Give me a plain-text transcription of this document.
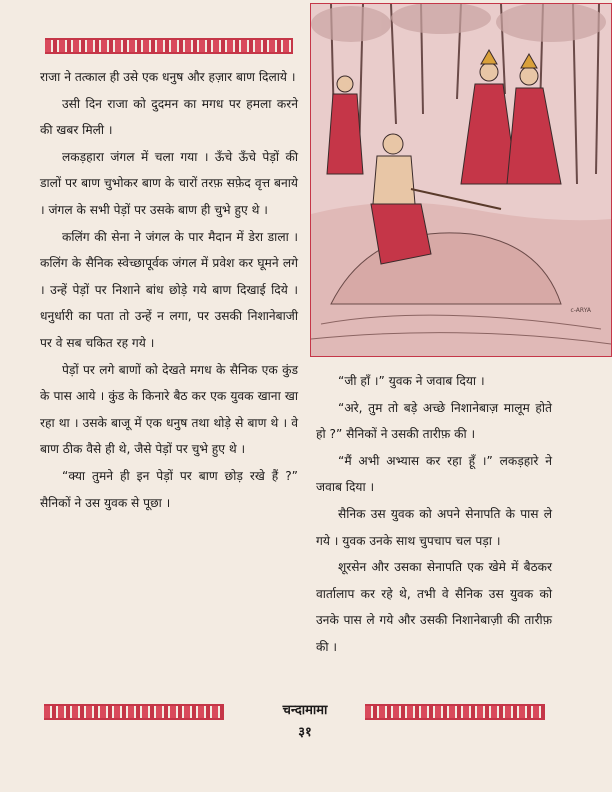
राजा ने तत्काल ही उसे एक धनुष और हज़ार बाण दिलाये ।

उसी दिन राजा को दुदमन का मगध पर हमला करने की खबर मिली ।

लकड़हारा जंगल में चला गया । ऊँचे ऊँचे पेड़ों की डालों पर बाण चुभोकर बाण के चारों तरफ़ सफ़ेद वृत्त बनाये । जंगल के सभी पेड़ों पर उसके बाण ही चुभे हुए थे ।

कलिंग की सेना ने जंगल के पार मैदान में डेरा डाला । कलिंग के सैनिक स्वेच्छापूर्वक जंगल में प्रवेश कर घूमने लगे । उन्हें पेड़ों पर निशाने बांध छोड़े गये बाण दिखाई दिये । धनुर्धारी का पता तो उन्हें न लगा, पर उसकी निशानेबाजी पर वे सब चकित रह गये ।

पेड़ों पर लगे बाणों को देखते मगध के सैनिक एक कुंड के पास आये । कुंड के किनारे बैठ कर एक युवक खाना खा रहा था । उसके बाजू में एक धनुष तथा थोड़े से बाण थे । वे बाण ठीक वैसे ही थे, जैसे पेड़ों पर चुभे हुए थे ।

“क्या तुमने ही इन पेड़ों पर बाण छोड़ रखे हैं ?” सैनिकों ने उस युवक से पूछा ।

c-ARYA

“जी हाँ ।” युवक ने जवाब दिया ।

“अरे, तुम तो बड़े अच्छे निशानेबाज़ मालूम होते हो ?” सैनिकों ने उसकी तारीफ़ की ।

“मैं अभी अभ्यास कर रहा हूँ ।” लकड़हारे ने जवाब दिया ।

सैनिक उस युवक को अपने सेनापति के पास ले गये । युवक उनके साथ चुपचाप चल पड़ा ।

शूरसेन और उसका सेनापति एक खेमे में बैठकर वार्तालाप कर रहे थे, तभी वे सैनिक उस युवक को उनके पास ले गये और उसकी निशानेबाज़ी की तारीफ़ की ।

चन्दामामा
३१
